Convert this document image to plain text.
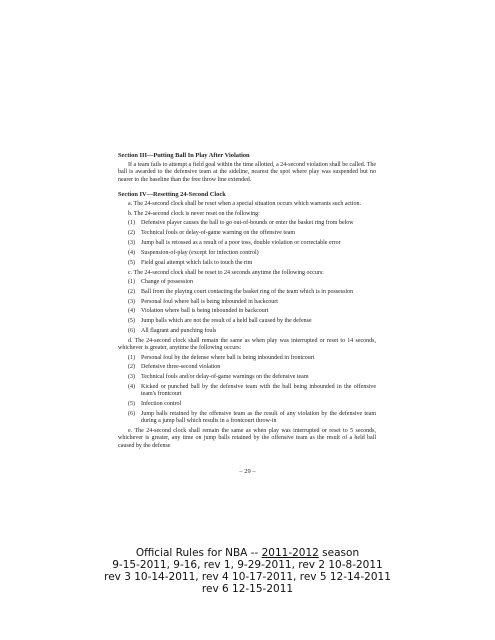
Section III—Putting Ball In Play After Violation

If a team fails to attempt a field goal within the time allotted, a 24-second violation shall be called. The ball is awarded to the defensive team at the sideline, nearest the spot where play was suspended but no nearer to the baseline than the free throw line extended.

Section IV—Resetting 24-Second Clock

a. The 24-second clock shall be reset when a special situation occurs which warrants such action.

b. The 24-second clock is never reset on the following:

(1)	Defensive player causes the ball to go out-of-bounds or enter the basket ring from below
(2)	Technical fouls or delay-of-game warning on the offensive team
(3)	Jump ball is retossed as a result of a poor toss, double violation or correctable error
(4)	Suspension-of-play (except for infection control)
(5)	Field goal attempt which fails to touch the rim

c. The 24-second clock shall be reset to 24 seconds anytime the following occurs:

(1)	Change of possession
(2)	Ball from the playing court contacting the basket ring of the team which is in possession
(3)	Personal foul where ball is being inbounded in backcourt
(4)	Violation where ball is being inbounded in backcourt
(5)	Jump balls which are not the result of a held ball caused by the defense
(6)	All flagrant and punching fouls

d. The 24-second clock shall remain the same as when play was interrupted or reset to 14 seconds, whichever is greater, anytime the following occurs:

(1)	Personal foul by the defense where ball is being inbounded in frontcourt
(2)	Defensive three-second violation
(3)	Technical fouls and/or delay-of-game warnings on the defensive team
(4)	Kicked or punched ball by the defensive team with the ball being inbounded in the offensive team's frontcourt
(5)	Infection control
(6)	Jump balls retained by the offensive team as the result of any violation by the defensive team during a jump ball which results in a frontcourt throw-in

e. The 24-second clock shall remain the same as when play was interrupted or reset to 5 seconds, whichever is greater, any time on jump balls retained by the offensive team as the result of a held ball caused by the defense

– 29 –
Official Rules for NBA -- 2011-2012 season
9-15-2011, 9-16, rev 1, 9-29-2011, rev 2 10-8-2011
rev 3 10-14-2011, rev 4 10-17-2011, rev 5 12-14-2011
rev 6 12-15-2011
